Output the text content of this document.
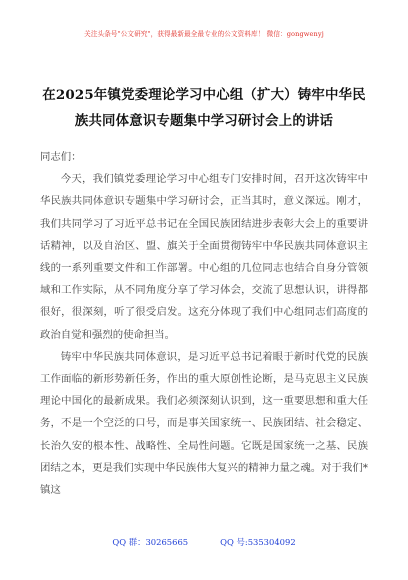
关注头条号"公文研究"，获得最新最全最专业的公文资料库！ 微信：gongwenyj
在2025年镇党委理论学习中心组（扩大）铸牢中华民族共同体意识专题集中学习研讨会上的讲话

同志们：

今天，我们镇党委理论学习中心组专门安排时间，召开这次铸牢中华民族共同体意识专题集中学习研讨会，正当其时，意义深远。刚才，我们共同学习了习近平总书记在全国民族团结进步表彰大会上的重要讲话精神，以及自治区、盟、旗关于全面贯彻铸牢中华民族共同体意识主线的一系列重要文件和工作部署。中心组的几位同志也结合自身分管领域和工作实际，从不同角度分享了学习体会，交流了思想认识，讲得都很好，很深刻，听了很受启发。这充分体现了我们中心组同志们高度的政治自觉和强烈的使命担当。

铸牢中华民族共同体意识，是习近平总书记着眼于新时代党的民族工作面临的新形势新任务，作出的重大原创性论断，是马克思主义民族理论中国化的最新成果。我们必须深刻认识到，这一重要思想和重大任务，不是一个空泛的口号，而是事关国家统一、民族团结、社会稳定、长治久安的根本性、战略性、全局性问题。它既是国家统一之基、民族团结之本，更是我们实现中华民族伟大复兴的精神力量之魂。对于我们*镇这

QQ 群：30265665	QQ 号:535304092
